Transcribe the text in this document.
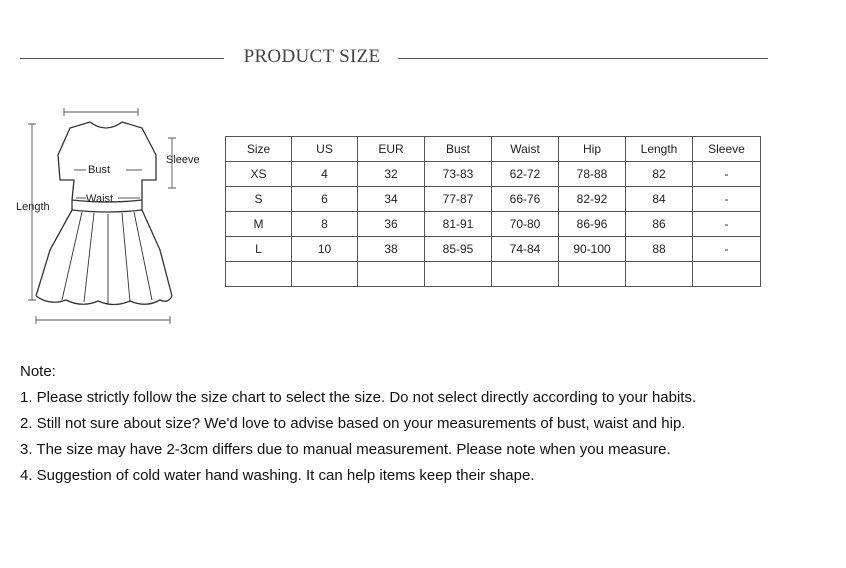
PRODUCT SIZE
Bust
Sleeve
Waist
Length
Size	US	EUR	Bust	Waist	Hip	Length	Sleeve
XS	4	32	73-83	62-72	78-88	82	-
S	6	34	77-87	66-76	82-92	84	-
M	8	36	81-91	70-80	86-96	86	-
L	10	38	85-95	74-84	90-100	88	-

Note:
1. Please strictly follow the size chart to select the size. Do not select directly according to your habits.
2. Still not sure about size? We'd love to advise based on your measurements of bust, waist and hip.
3. The size may have 2-3cm differs due to manual measurement. Please note when you measure.
4. Suggestion of cold water hand washing. It can help items keep their shape.
